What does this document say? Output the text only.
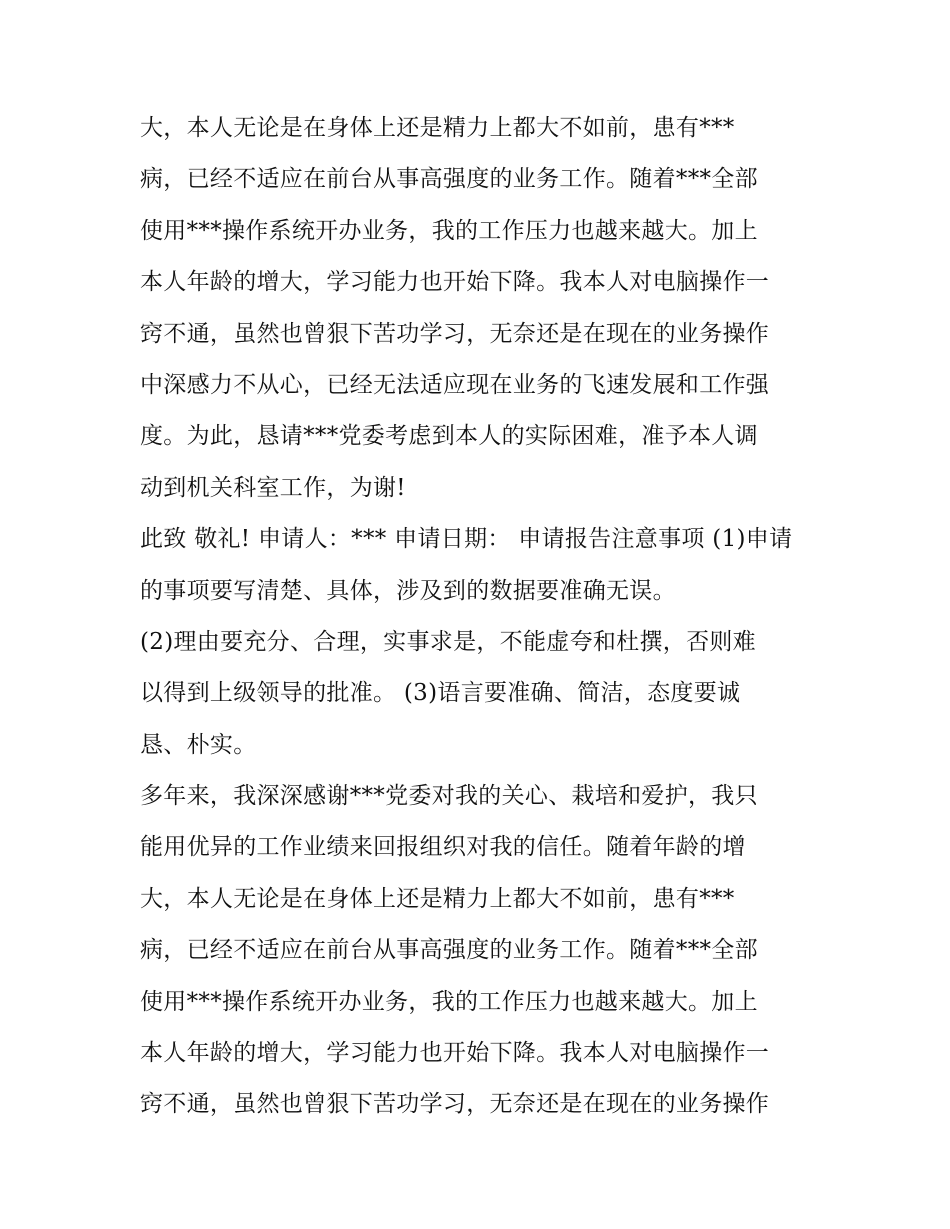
大，本人无论是在身体上还是精力上都大不如前，患有***
病，已经不适应在前台从事高强度的业务工作。随着***全部
使用***操作系统开办业务，我的工作压力也越来越大。加上
本人年龄的增大，学习能力也开始下降。我本人对电脑操作一
窍不通，虽然也曾狠下苦功学习，无奈还是在现在的业务操作
中深感力不从心，已经无法适应现在业务的飞速发展和工作强
度。为此，恳请***党委考虑到本人的实际困难，准予本人调
动到机关科室工作，为谢!
此致 敬礼! 申请人：*** 申请日期： 申请报告注意事项 (1)申请
的事项要写清楚、具体，涉及到的数据要准确无误。
(2)理由要充分、合理，实事求是，不能虚夸和杜撰，否则难
以得到上级领导的批准。 (3)语言要准确、简洁，态度要诚
恳、朴实。
多年来，我深深感谢***党委对我的关心、栽培和爱护，我只
能用优异的工作业绩来回报组织对我的信任。随着年龄的增
大，本人无论是在身体上还是精力上都大不如前，患有***
病，已经不适应在前台从事高强度的业务工作。随着***全部
使用***操作系统开办业务，我的工作压力也越来越大。加上
本人年龄的增大，学习能力也开始下降。我本人对电脑操作一
窍不通，虽然也曾狠下苦功学习，无奈还是在现在的业务操作
